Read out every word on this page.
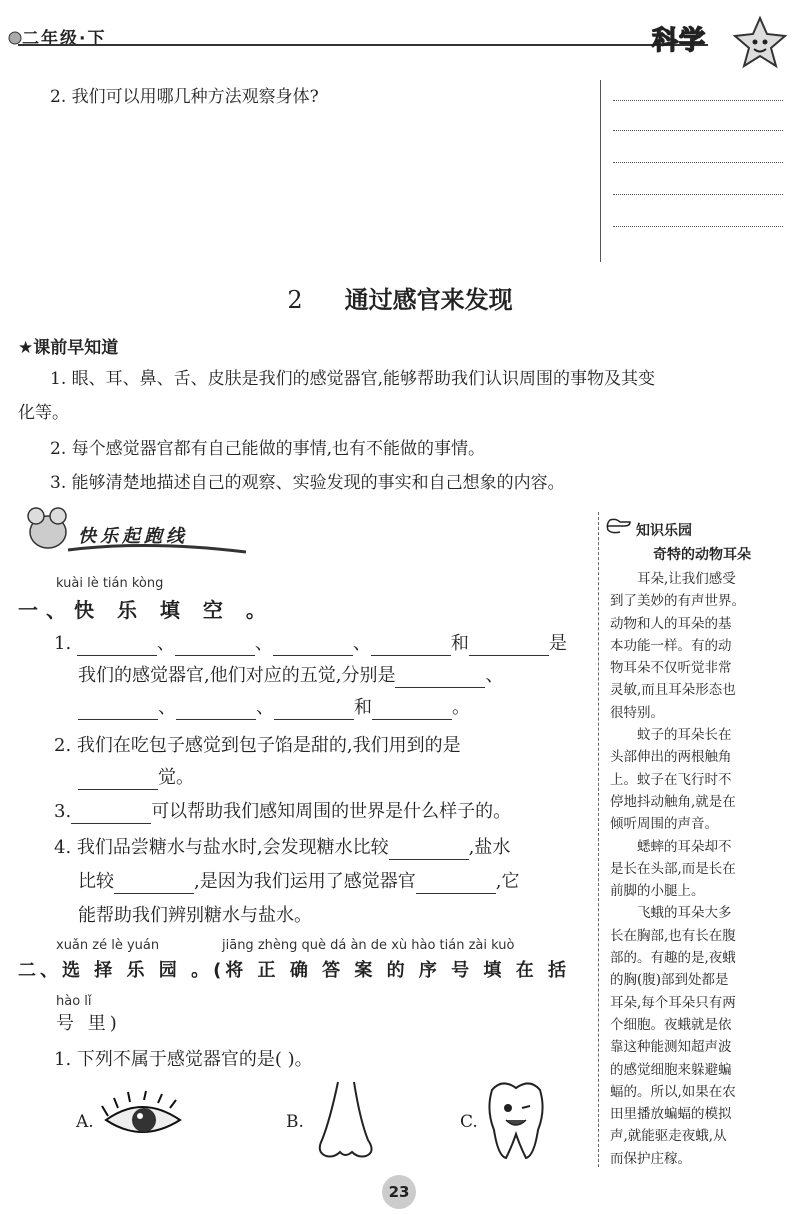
二年级·下	科学
2. 我们可以用哪几种方法观察身体?
2 通过感官来发现
★课前早知道
1. 眼、耳、鼻、舌、皮肤是我们的感觉器官,能够帮助我们认识周围的事物及其变
化等。
2. 每个感觉器官都有自己能做的事情,也有不能做的事情。
3. 能够清楚地描述自己的观察、实验发现的事实和自己想象的内容。
快乐起跑线
kuài lè tián kòng
一、快 乐 填 空 。
1.	、	、	、	和	是
我们的感觉器官,他们对应的五觉,分别是	、
、	、	和	。
2. 我们在吃包子感觉到包子馅是甜的,我们用到的是
觉。
3.	可以帮助我们感知周围的世界是什么样子的。
4. 我们品尝糖水与盐水时,会发现糖水比较	,盐水
比较	,是因为我们运用了感觉器官	,它
能帮助我们辨别糖水与盐水。
xuǎn zé lè yuán	jiāng zhèng què dá àn de xù hào tián zài kuò
二、选 择 乐 园 。(将 正 确 答 案 的 序 号 填 在 括
hào lǐ
号 里)
1. 下列不属于感觉器官的是( )。
A.	B.	C.
知识乐园
奇特的动物耳朵
耳朵,让我们感受
到了美妙的有声世界。
动物和人的耳朵的基
本功能一样。有的动
物耳朵不仅听觉非常
灵敏,而且耳朵形态也
很特别。
蚊子的耳朵长在
头部伸出的两根触角
上。蚊子在飞行时不
停地抖动触角,就是在
倾听周围的声音。
蟋蟀的耳朵却不
是长在头部,而是长在
前脚的小腿上。
飞蛾的耳朵大多
长在胸部,也有长在腹
部的。有趣的是,夜蛾
的胸(腹)部到处都是
耳朵,每个耳朵只有两
个细胞。夜蛾就是依
靠这种能测知超声波
的感觉细胞来躲避蝙
蝠的。所以,如果在农
田里播放蝙蝠的模拟
声,就能驱走夜蛾,从
而保护庄稼。
23
